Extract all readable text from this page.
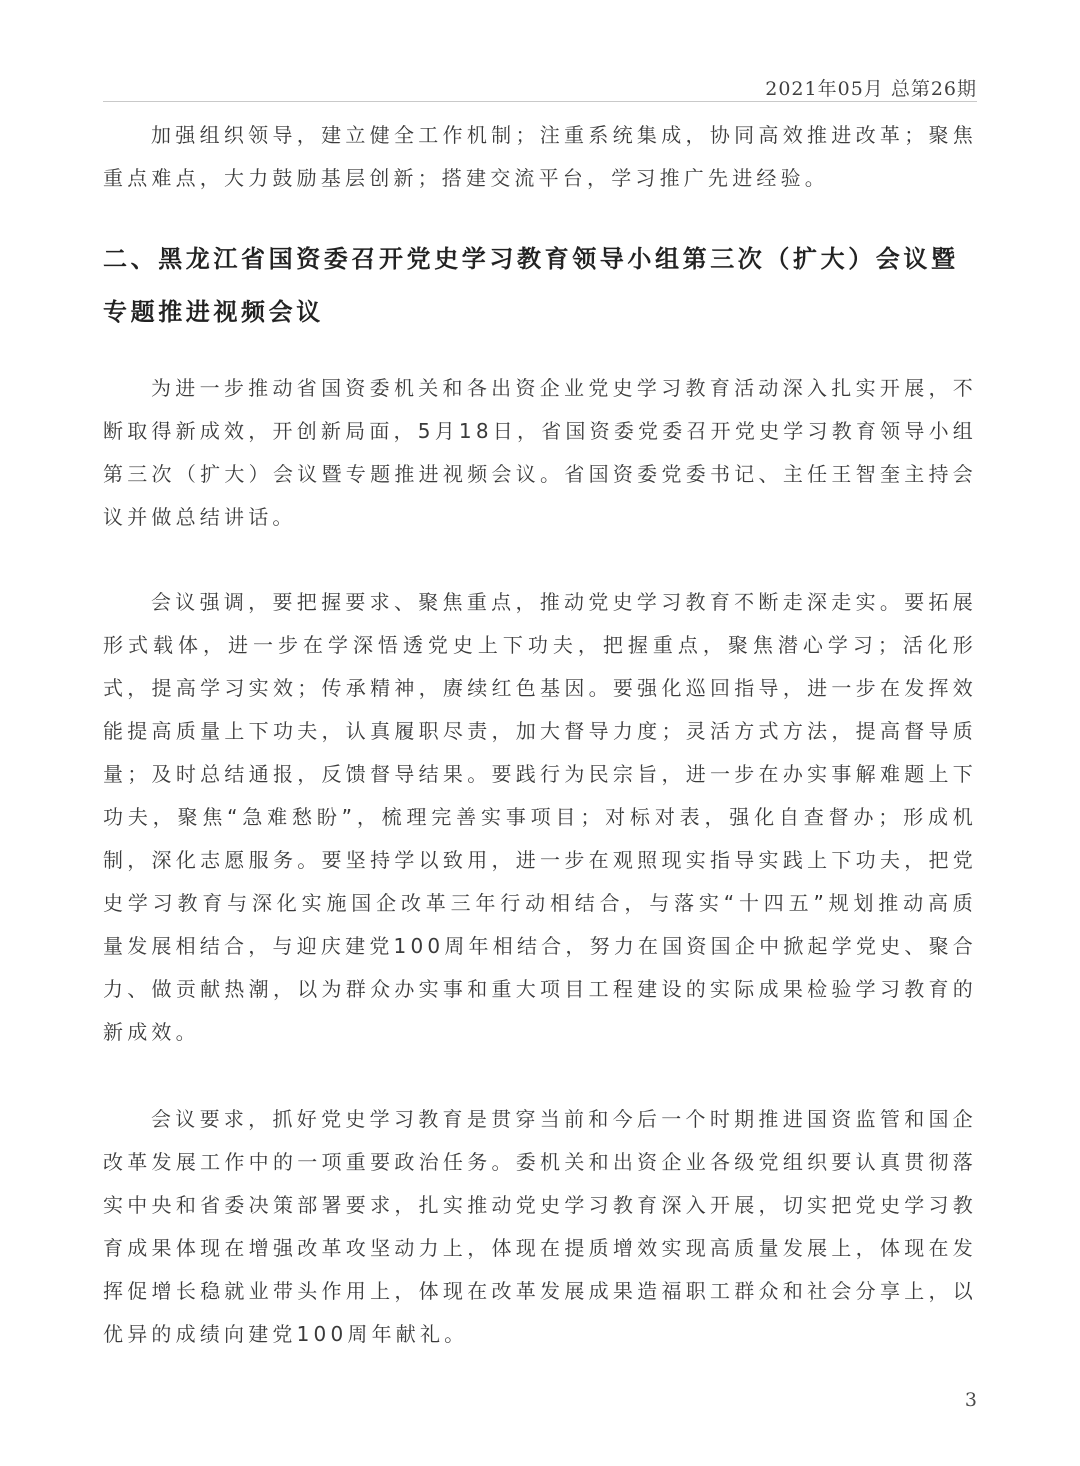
2021年05月 总第26期

加强组织领导，建立健全工作机制；注重系统集成，协同高效推进改革；聚焦重点难点，大力鼓励基层创新；搭建交流平台，学习推广先进经验。

二、黑龙江省国资委召开党史学习教育领导小组第三次（扩大）会议暨专题推进视频会议

为进一步推动省国资委机关和各出资企业党史学习教育活动深入扎实开展，不断取得新成效，开创新局面，5月18日，省国资委党委召开党史学习教育领导小组第三次（扩大）会议暨专题推进视频会议。省国资委党委书记、主任王智奎主持会议并做总结讲话。

会议强调，要把握要求、聚焦重点，推动党史学习教育不断走深走实。要拓展形式载体，进一步在学深悟透党史上下功夫，把握重点，聚焦潜心学习；活化形式，提高学习实效；传承精神，赓续红色基因。要强化巡回指导，进一步在发挥效能提高质量上下功夫，认真履职尽责，加大督导力度；灵活方式方法，提高督导质量；及时总结通报，反馈督导结果。要践行为民宗旨，进一步在办实事解难题上下功夫，聚焦“急难愁盼”，梳理完善实事项目；对标对表，强化自查督办；形成机制，深化志愿服务。要坚持学以致用，进一步在观照现实指导实践上下功夫，把党史学习教育与深化实施国企改革三年行动相结合，与落实“十四五”规划推动高质量发展相结合，与迎庆建党100周年相结合，努力在国资国企中掀起学党史、聚合力、做贡献热潮，以为群众办实事和重大项目工程建设的实际成果检验学习教育的新成效。

会议要求，抓好党史学习教育是贯穿当前和今后一个时期推进国资监管和国企改革发展工作中的一项重要政治任务。委机关和出资企业各级党组织要认真贯彻落实中央和省委决策部署要求，扎实推动党史学习教育深入开展，切实把党史学习教育成果体现在增强改革攻坚动力上，体现在提质增效实现高质量发展上，体现在发挥促增长稳就业带头作用上，体现在改革发展成果造福职工群众和社会分享上，以优异的成绩向建党100周年献礼。

3
